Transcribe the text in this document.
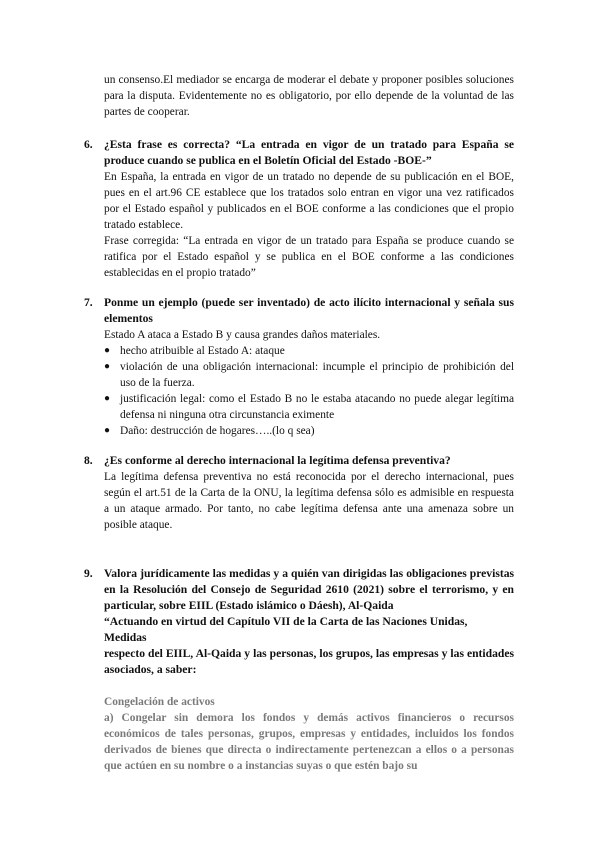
un consenso.El mediador se encarga de moderar el debate y proponer posibles soluciones para la disputa. Evidentemente no es obligatorio, por ello depende de la voluntad de las partes de cooperar.

6. ¿Esta frase es correcta? “La entrada en vigor de un tratado para España se produce cuando se publica en el Boletín Oficial del Estado -BOE-”

En España, la entrada en vigor de un tratado no depende de su publicación en el BOE, pues en el art.96 CE establece que los tratados solo entran en vigor una vez ratificados por el Estado español y publicados en el BOE conforme a las condiciones que el propio tratado establece.

Frase corregida: “La entrada en vigor de un tratado para España se produce cuando se ratifica por el Estado español y se publica en el BOE conforme a las condiciones establecidas en el propio tratado”

7. Ponme un ejemplo (puede ser inventado) de acto ilícito internacional y señala sus elementos

Estado A ataca a Estado B y causa grandes daños materiales.

● hecho atribuible al Estado A: ataque
● violación de una obligación internacional: incumple el principio de prohibición del uso de la fuerza.
● justificación legal: como el Estado B no le estaba atacando no puede alegar legítima defensa ni ninguna otra circunstancia eximente
● Daño: destrucción de hogares…..(lo q sea)
8. ¿Es conforme al derecho internacional la legítima defensa preventiva?

La legítima defensa preventiva no está reconocida por el derecho internacional, pues según el art.51 de la Carta de la ONU, la legítima defensa sólo es admisible en respuesta a un ataque armado. Por tanto, no cabe legítima defensa ante una amenaza sobre un posible ataque.

9. Valora jurídicamente las medidas y a quién van dirigidas las obligaciones previstas en la Resolución del Consejo de Seguridad 2610 (2021) sobre el terrorismo, y en particular, sobre EIIL (Estado islámico o Dáesh), Al-Qaida

“Actuando en virtud del Capítulo VII de la Carta de las Naciones Unidas,

Medidas

respecto del EIIL, Al-Qaida y las personas, los grupos, las empresas y las entidades asociados, a saber:

Congelación de activos

a) Congelar sin demora los fondos y demás activos financieros o recursos económicos de tales personas, grupos, empresas y entidades, incluidos los fondos derivados de bienes que directa o indirectamente pertenezcan a ellos o a personas que actúen en su nombre o a instancias suyas o que estén bajo su
